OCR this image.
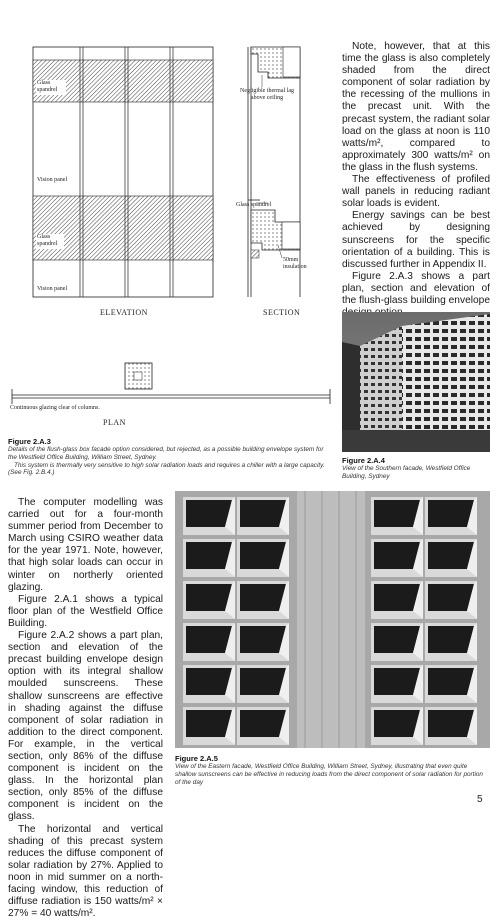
Glass spandrel
Vision panel
Glass spandrel
Vision panel
Negligible thermal lag above ceiling
Glass spandrel
50mm insulation
ELEVATION	SECTION
Continuous glazing clear of columns.
PLAN

Note, however, that at this time the glass is also completely shaded from the direct component of solar radiation by the recessing of the mullions in the precast unit. With the precast system, the radiant solar load on the glass at noon is 110 watts/m², compared to approximately 300 watts/m² on the glass in the flush systems.

The effectiveness of profiled wall panels in reducing radiant solar loads is evident.

Energy savings can be best achieved by designing sunscreens for the specific orientation of a building. This is discussed further in Appendix II.

Figure 2.A.3 shows a part plan, section and elevation of the flush-glass building envelope

Figure 2.A.4
View of the Southern facade, Westfield Office Building, Sydney
Figure 2.A.3
Details of the flush-glass box facade option considered, but rejected, as a possible building envelope system for the Westfield Office Building, William Street, Sydney.
This system is thermally very sensitive to high solar radiation loads and requires a chiller with a large capacity. (See Fig. 2.B.4.)

The computer modelling was carried out for a four-month summer period from December to March using CSIRO weather data for the year 1971. Note, however, that high solar loads can occur in winter on northerly oriented glazing.

Figure 2.A.1 shows a typical floor plan of the Westfield Office Building.

Figure 2.A.2 shows a part plan, section and elevation of the precast building envelope design option with its integral shallow moulded sunscreens. These shallow sunscreens are effective in shading against the diffuse component of solar radiation in addition to the direct component. For example, in the vertical section, only 86% of the diffuse component is incident on the glass. In the horizontal plan section, only 85% of the diffuse component is incident on the glass.

The horizontal and vertical shading of this precast system reduces the diffuse component of solar radiation by 27%. Applied to noon in mid summer on a north-facing window, this reduction of diffuse radiation is 150 watts/m² × 27% = 40 watts/m².

Figure 2.A.5
View of the Eastern facade, Westfield Office Building, William Street, Sydney, illustrating that even quite shallow sunscreens can be effective in reducing loads from the direct component of solar radiation for portion of the day
5
